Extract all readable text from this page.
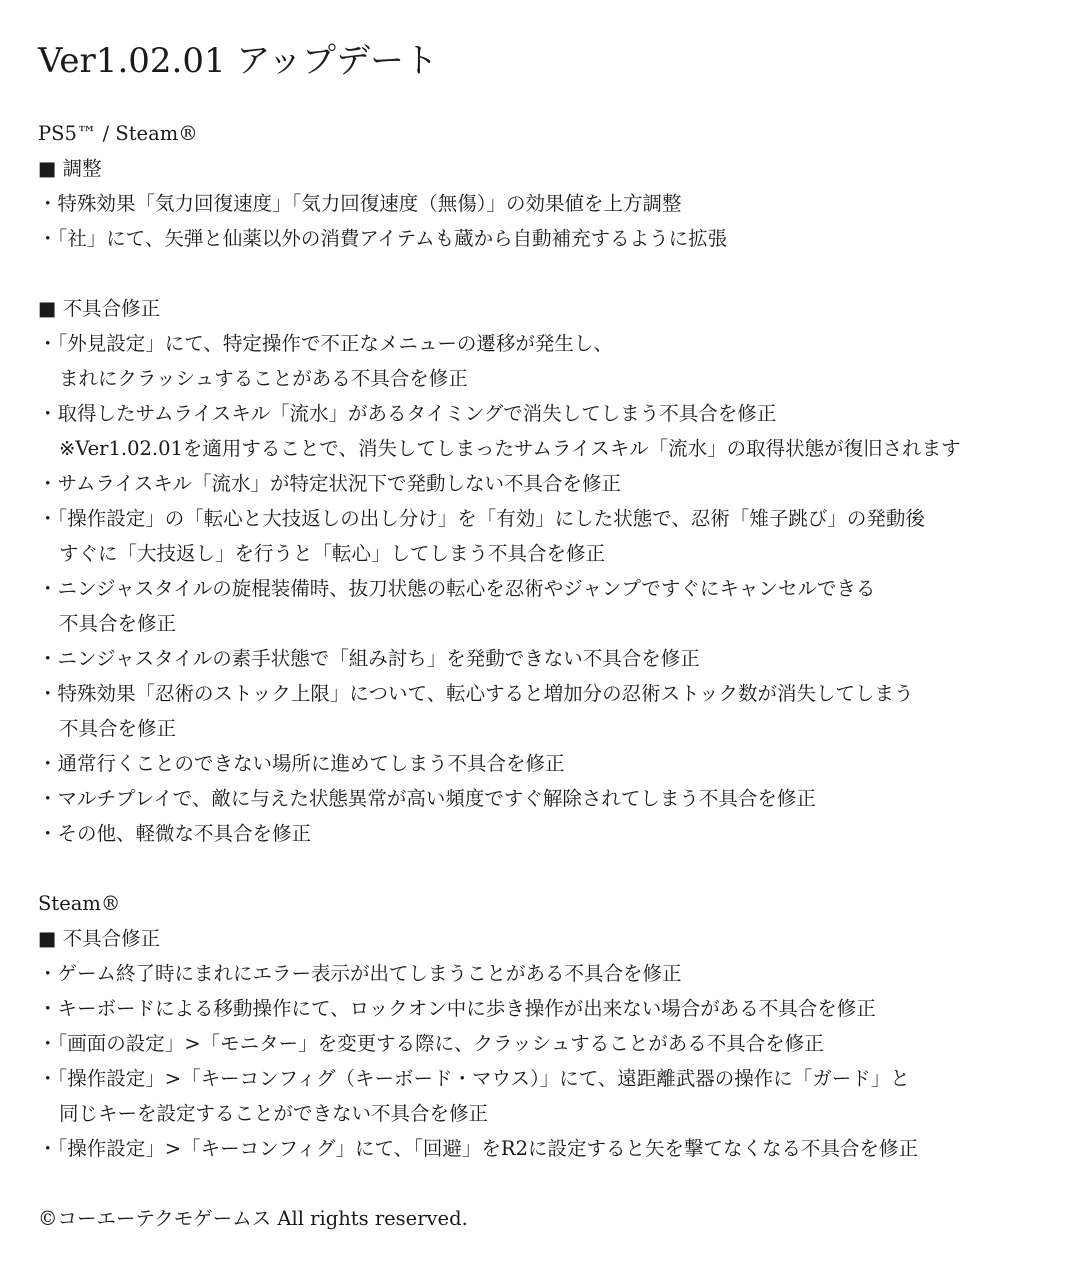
Ver1.02.01 アップデート
PS5™ / Steam®
■ 調整
・特殊効果「気力回復速度」「気力回復速度（無傷）」の効果値を上方調整
・「社」にて、矢弾と仙薬以外の消費アイテムも蔵から自動補充するように拡張
■ 不具合修正
・「外見設定」にて、特定操作で不正なメニューの遷移が発生し、
まれにクラッシュすることがある不具合を修正
・取得したサムライスキル「流水」があるタイミングで消失してしまう不具合を修正
※Ver1.02.01を適用することで、消失してしまったサムライスキル「流水」の取得状態が復旧されます
・サムライスキル「流水」が特定状況下で発動しない不具合を修正
・「操作設定」の「転心と大技返しの出し分け」を「有効」にした状態で、忍術「雉子跳び」の発動後
すぐに「大技返し」を行うと「転心」してしまう不具合を修正
・ニンジャスタイルの旋棍装備時、抜刀状態の転心を忍術やジャンプですぐにキャンセルできる
不具合を修正
・ニンジャスタイルの素手状態で「組み討ち」を発動できない不具合を修正
・特殊効果「忍術のストック上限」について、転心すると増加分の忍術ストック数が消失してしまう
不具合を修正
・通常行くことのできない場所に進めてしまう不具合を修正
・マルチプレイで、敵に与えた状態異常が高い頻度ですぐ解除されてしまう不具合を修正
・その他、軽微な不具合を修正
Steam®
■ 不具合修正
・ゲーム終了時にまれにエラー表示が出てしまうことがある不具合を修正
・キーボードによる移動操作にて、ロックオン中に歩き操作が出来ない場合がある不具合を修正
・「画面の設定」>「モニター」を変更する際に、クラッシュすることがある不具合を修正
・「操作設定」>「キーコンフィグ（キーボード・マウス）」にて、遠距離武器の操作に「ガード」と
同じキーを設定することができない不具合を修正
・「操作設定」>「キーコンフィグ」にて、「回避」をR2に設定すると矢を撃てなくなる不具合を修正
©コーエーテクモゲームス All rights reserved.
